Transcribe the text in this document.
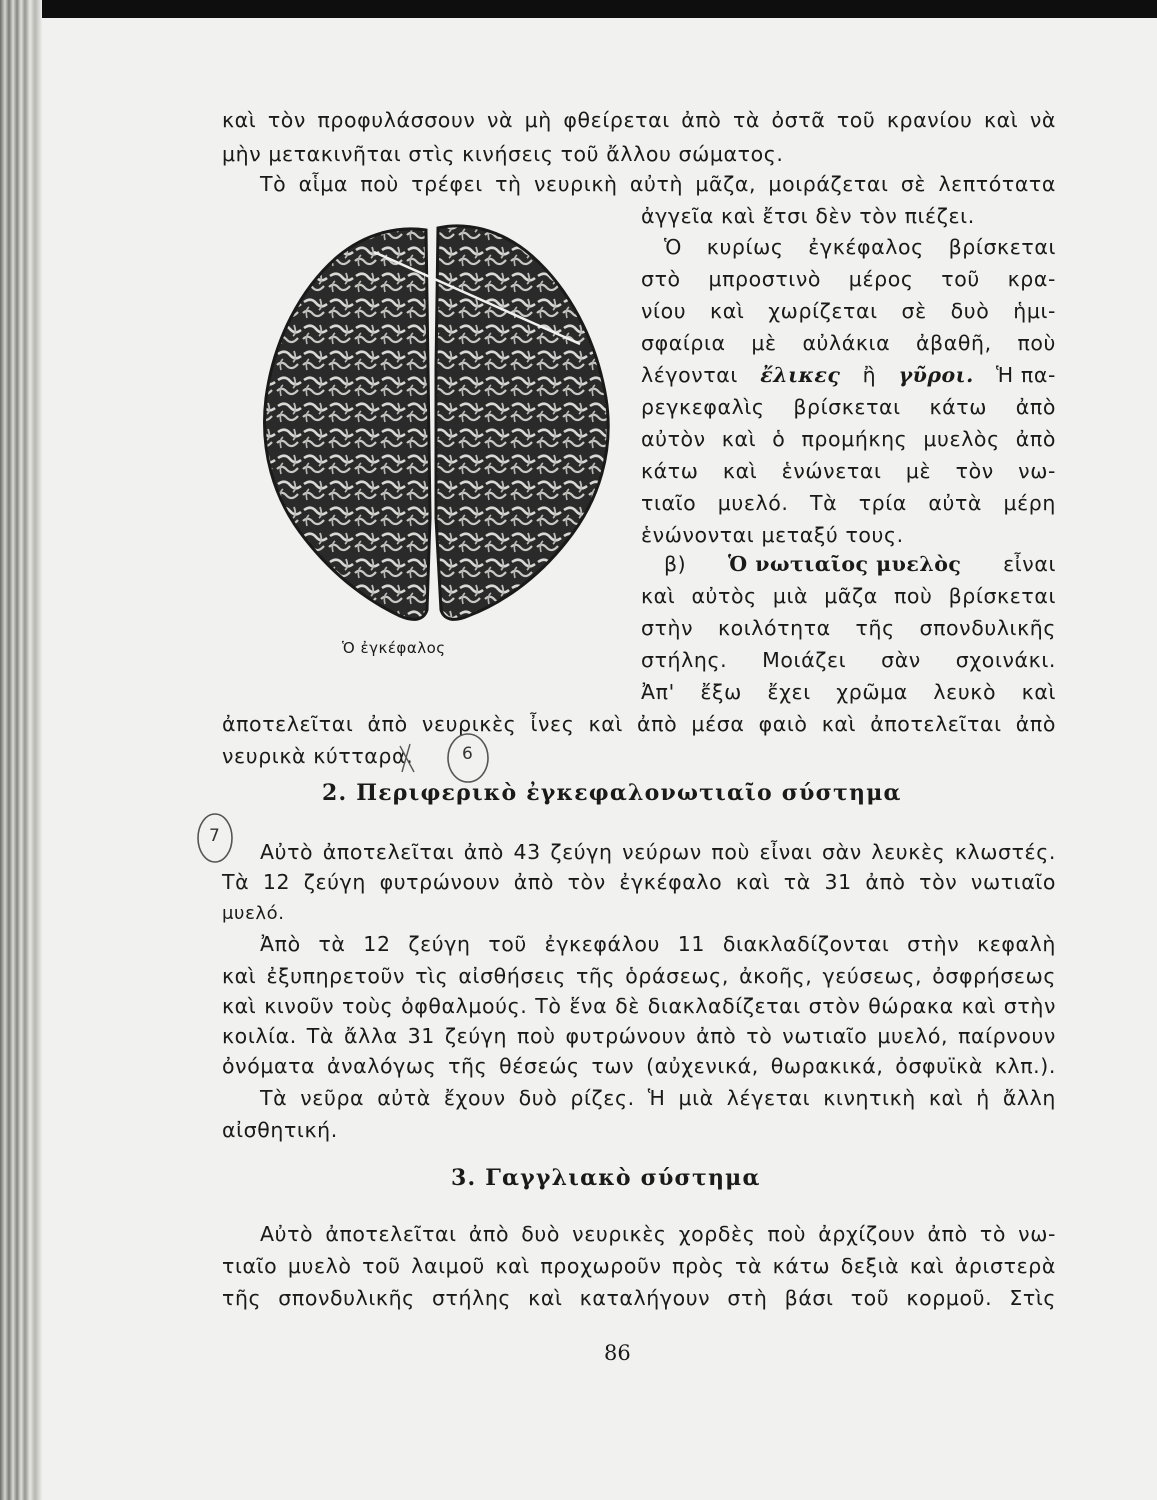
καὶ τὸν προφυλάσσουν νὰ μὴ φθείρεται ἀπὸ τὰ ὀστᾶ τοῦ κρανίου καὶ νὰ

μὴν μετακινῆται στὶς κινήσεις τοῦ ἄλλου σώματος.

Τὸ αἷμα ποὺ τρέφει τὴ νευρικὴ αὐτὴ μᾶζα, μοιράζεται σὲ λεπτότατα

Ὁ ἐγκέφαλος

ἀγγεῖα καὶ ἔτσι δὲν τὸν πιέζει.

Ὁ κυρίως ἐγκέφαλος βρίσκεται

στὸ μπροστινὸ μέρος τοῦ κρα-

νίου καὶ χωρίζεται σὲ δυὸ ἡμι-

σφαίρια μὲ αὐλάκια ἀβαθῆ, ποὺ

λέγονται ἔλικες ἢ γῦροι. Ἡ πα-

ρεγκεφαλὶς βρίσκεται κάτω ἀπὸ

αὐτὸν καὶ ὁ προμήκης μυελὸς ἀπὸ

κάτω καὶ ἑνώνεται μὲ τὸν νω-

τιαῖο μυελό. Τὰ τρία αὐτὰ μέρη

ἑνώνονται μεταξύ τους.

β) Ὁ νωτιαῖος μυελὸς εἶναι

καὶ αὐτὸς μιὰ μᾶζα ποὺ βρίσκεται

στὴν κοιλότητα τῆς σπονδυλικῆς

στήλης. Μοιάζει σὰν σχοινάκι.

Ἀπ' ἔξω ἔχει χρῶμα λευκὸ καὶ

ἀποτελεῖται ἀπὸ νευρικὲς ἶνες καὶ ἀπὸ μέσα φαιὸ καὶ ἀποτελεῖται ἀπὸ

νευρικὰ κύτταρα.	6
7

2. Περιφερικὸ ἐγκεφαλονωτιαῖο σύστημα

Αὐτὸ ἀποτελεῖται ἀπὸ 43 ζεύγη νεύρων ποὺ εἶναι σὰν λευκὲς κλωστές.

Τὰ 12 ζεύγη φυτρώνουν ἀπὸ τὸν ἐγκέφαλο καὶ τὰ 31 ἀπὸ τὸν νωτιαῖο

μυελό.

Ἀπὸ τὰ 12 ζεύγη τοῦ ἐγκεφάλου 11 διακλαδίζονται στὴν κεφαλὴ

καὶ ἐξυπηρετοῦν τὶς αἰσθήσεις τῆς ὁράσεως, ἀκοῆς, γεύσεως, ὀσφρήσεως

καὶ κινοῦν τοὺς ὀφθαλμούς. Τὸ ἕνα δὲ διακλαδίζεται στὸν θώρακα καὶ στὴν

κοιλία. Τὰ ἄλλα 31 ζεύγη ποὺ φυτρώνουν ἀπὸ τὸ νωτιαῖο μυελό, παίρνουν

ὀνόματα ἀναλόγως τῆς θέσεώς των (αὐχενικά, θωρακικά, ὀσφυϊκὰ κλπ.).

Τὰ νεῦρα αὐτὰ ἔχουν δυὸ ρίζες. Ἡ μιὰ λέγεται κινητικὴ καὶ ἡ ἄλλη

αἰσθητική.

3. Γαγγλιακὸ σύστημα

Αὐτὸ ἀποτελεῖται ἀπὸ δυὸ νευρικὲς χορδὲς ποὺ ἀρχίζουν ἀπὸ τὸ νω-

τιαῖο μυελὸ τοῦ λαιμοῦ καὶ προχωροῦν πρὸς τὰ κάτω δεξιὰ καὶ ἀριστερὰ

τῆς σπονδυλικῆς στήλης καὶ καταλήγουν στὴ βάσι τοῦ κορμοῦ. Στὶς

86
